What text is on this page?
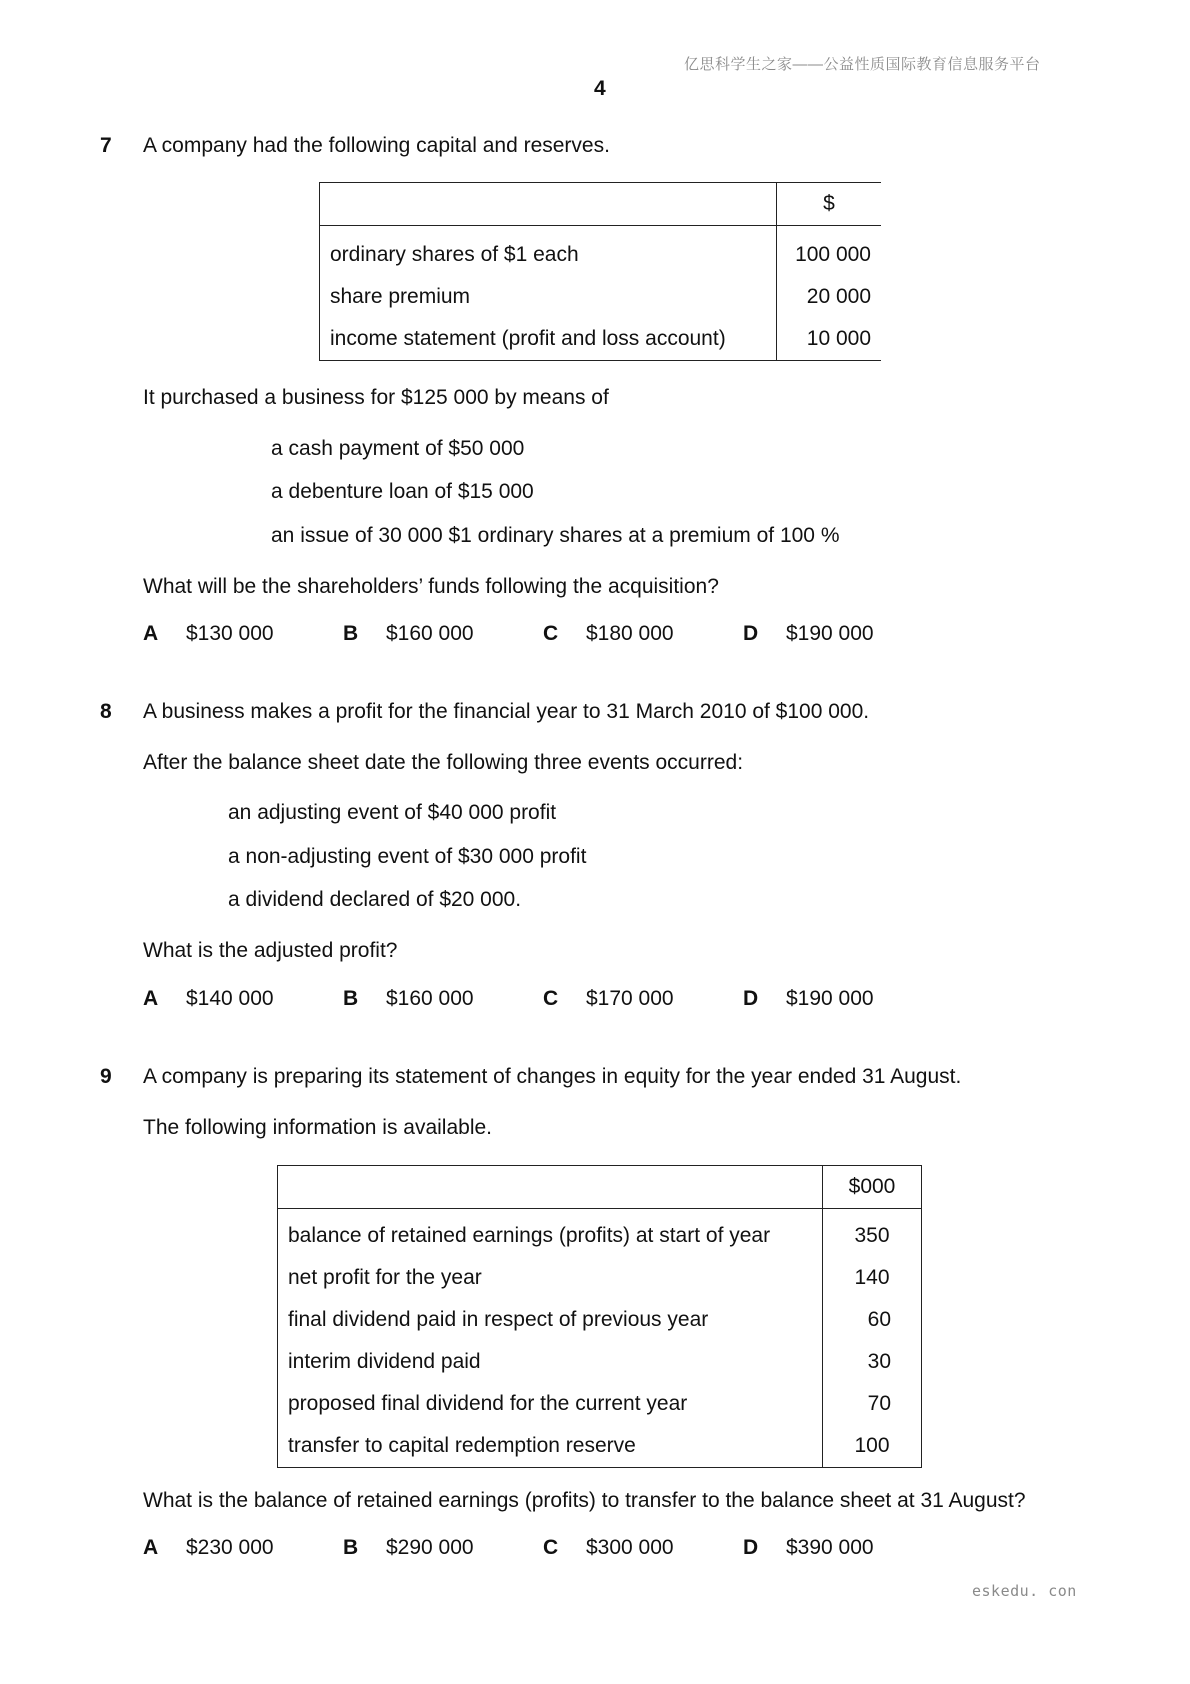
亿思科学生之家——公益性质国际教育信息服务平台
4
7 A company had the following capital and reserves.
	$
ordinary shares of $1 each	100 000
share premium	20 000
income statement (profit and loss account)	10 000
It purchased a business for $125 000 by means of
a cash payment of $50 000
a debenture loan of $15 000
an issue of 30 000 $1 ordinary shares at a premium of 100 %
What will be the shareholders’ funds following the acquisition?
A $130 000	B $160 000	C $180 000	D $190 000
8 A business makes a profit for the financial year to 31 March 2010 of $100 000.
After the balance sheet date the following three events occurred:
an adjusting event of $40 000 profit
a non-adjusting event of $30 000 profit
a dividend declared of $20 000.
What is the adjusted profit?
A $140 000	B $160 000	C $170 000	D $190 000
9 A company is preparing its statement of changes in equity for the year ended 31 August.
The following information is available.
	$000
balance of retained earnings (profits) at start of year	350
net profit for the year	140
final dividend paid in respect of previous year	60
interim dividend paid	30
proposed final dividend for the current year	70
transfer to capital redemption reserve	100
What is the balance of retained earnings (profits) to transfer to the balance sheet at 31 August?
A $230 000	B $290 000	C $300 000	D $390 000
eskedu. con
